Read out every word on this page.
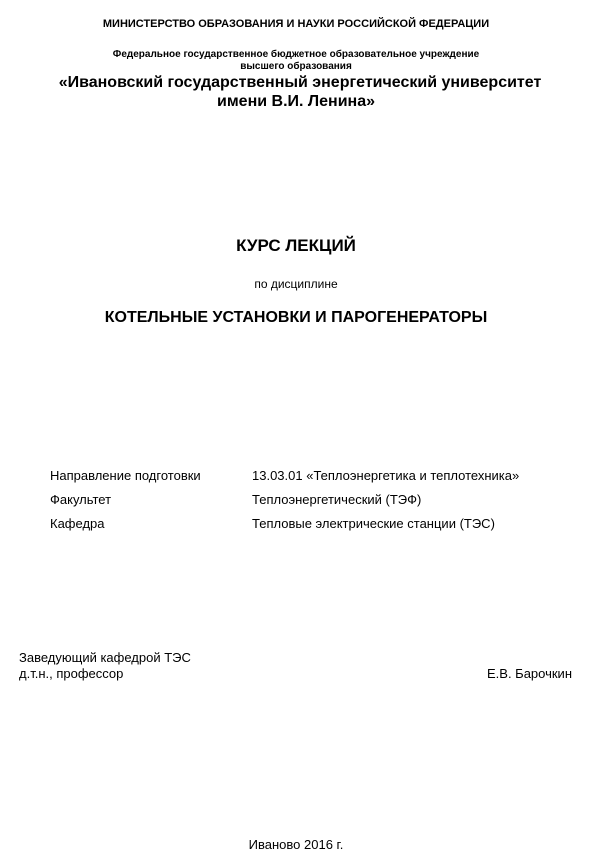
МИНИСТЕРСТВО ОБРАЗОВАНИЯ И НАУКИ РОССИЙСКОЙ ФЕДЕРАЦИИ
Федеральное государственное бюджетное образовательное учреждение
высшего образования
«Ивановский государственный энергетический университет
имени В.И. Ленина»
КУРС ЛЕКЦИЙ
по дисциплине
КОТЕЛЬНЫЕ УСТАНОВКИ И ПАРОГЕНЕРАТОРЫ
Направление подготовки	13.03.01 «Теплоэнергетика и теплотехника»
Факультет	Теплоэнергетический (ТЭФ)
Кафедра	Тепловые электрические станции (ТЭС)
Заведующий кафедрой ТЭС
д.т.н., профессор	Е.В. Барочкин
Иваново 2016 г.
